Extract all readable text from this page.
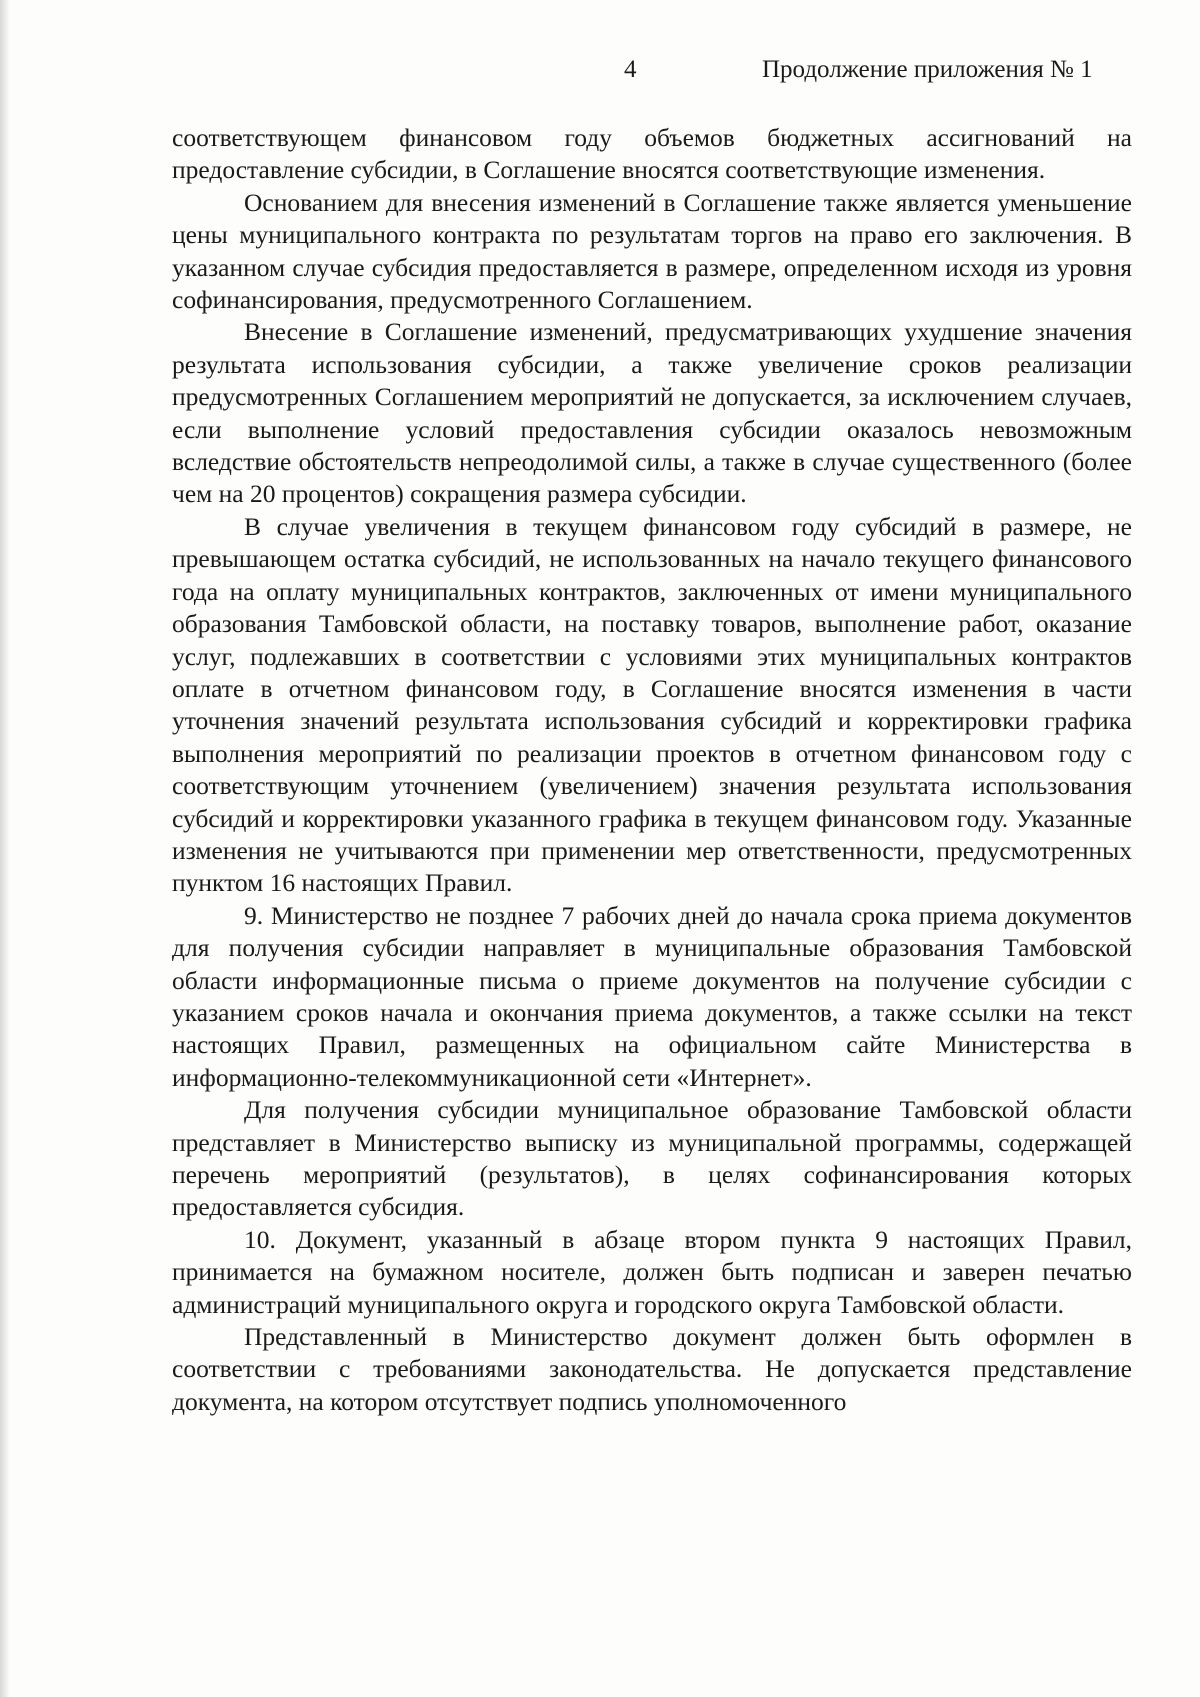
4	Продолжение приложения № 1

соответствующем финансовом году объемов бюджетных ассигнований на предоставление субсидии, в Соглашение вносятся соответствующие изменения.

Основанием для внесения изменений в Соглашение также является уменьшение цены муниципального контракта по результатам торгов на право его заключения. В указанном случае субсидия предоставляется в размере, определенном исходя из уровня софинансирования, предусмотренного Соглашением.

Внесение в Соглашение изменений, предусматривающих ухудшение значения результата использования субсидии, а также увеличение сроков реализации предусмотренных Соглашением мероприятий не допускается, за исключением случаев, если выполнение условий предоставления субсидии оказалось невозможным вследствие обстоятельств непреодолимой силы, а также в случае существенного (более чем на 20 процентов) сокращения размера субсидии.

В случае увеличения в текущем финансовом году субсидий в размере, не превышающем остатка субсидий, не использованных на начало текущего финансового года на оплату муниципальных контрактов, заключенных от имени муниципального образования Тамбовской области, на поставку товаров, выполнение работ, оказание услуг, подлежавших в соответствии с условиями этих муниципальных контрактов оплате в отчетном финансовом году, в Соглашение вносятся изменения в части уточнения значений результата использования субсидий и корректировки графика выполнения мероприятий по реализации проектов в отчетном финансовом году с соответствующим уточнением (увеличением) значения результата использования субсидий и корректировки указанного графика в текущем финансовом году. Указанные изменения не учитываются при применении мер ответственности, предусмотренных пунктом 16 настоящих Правил.

9. Министерство не позднее 7 рабочих дней до начала срока приема документов для получения субсидии направляет в муниципальные образования Тамбовской области информационные письма о приеме документов на получение субсидии с указанием сроков начала и окончания приема документов, а также ссылки на текст настоящих Правил, размещенных на официальном сайте Министерства в информационно-телекоммуникационной сети «Интернет».

Для получения субсидии муниципальное образование Тамбовской области представляет в Министерство выписку из муниципальной программы, содержащей перечень мероприятий (результатов), в целях софинансирования которых предоставляется субсидия.

10. Документ, указанный в абзаце втором пункта 9 настоящих Правил, принимается на бумажном носителе, должен быть подписан и заверен печатью администраций муниципального округа и городского округа Тамбовской области.

Представленный в Министерство документ должен быть оформлен в соответствии с требованиями законодательства. Не допускается представление документа, на котором отсутствует подпись уполномоченного
